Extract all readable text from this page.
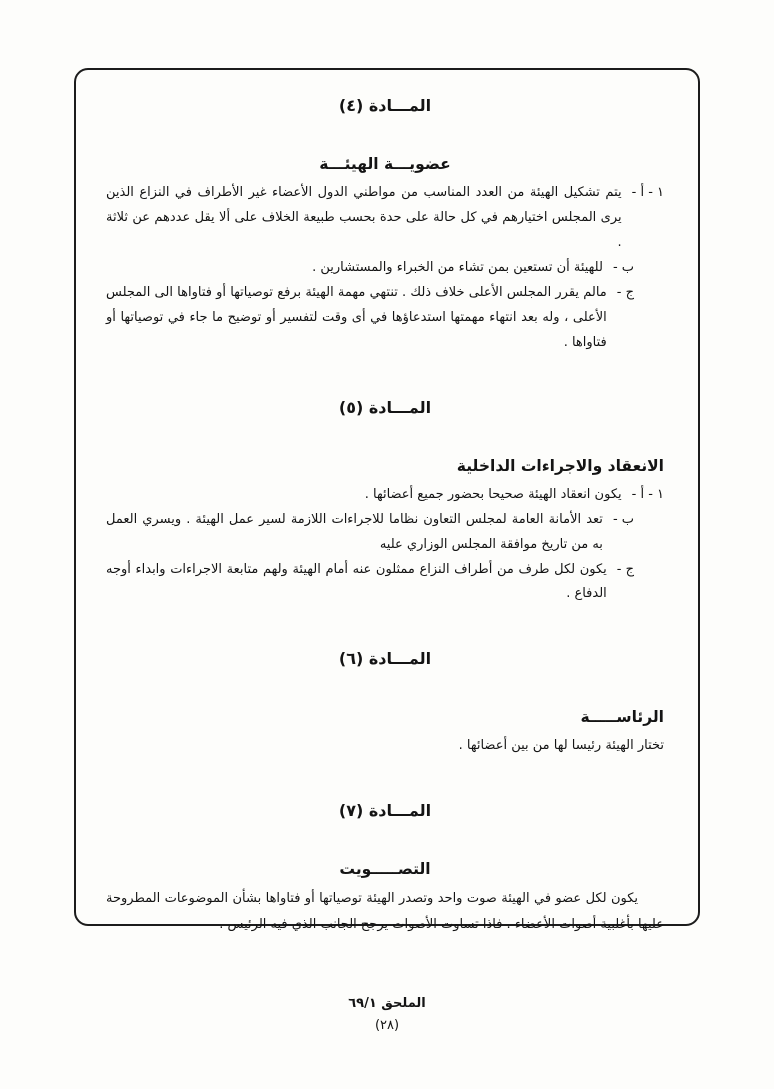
المـــادة (٤)
عضويـــة الهيئـــة
١ - أ -
يتم تشكيل الهيئة من العدد المناسب من مواطني الدول الأعضاء غير الأطراف في النزاع الذين يرى المجلس اختيارهم في كل حالة على حدة بحسب طبيعة الخلاف على ألا يقل عددهم عن ثلاثة .
ب -
للهيئة أن تستعين بمن تشاء من الخبراء والمستشارين .
ج -
مالم يقرر المجلس الأعلى خلاف ذلك . تنتهي مهمة الهيئة برفع توصياتها أو فتاواها الى المجلس الأعلى ، وله بعد انتهاء مهمتها استدعاؤها في أى وقت لتفسير أو توضيح ما جاء في توصياتها أو فتاواها .
المـــادة (٥)
الانعقاد والاجراءات الداخلية
١ - أ -
يكون انعقاد الهيئة صحيحا بحضور جميع أعضائها .
ب -
تعد الأمانة العامة لمجلس التعاون نظاما للاجراءات اللازمة لسير عمل الهيئة . ويسري العمل به من تاريخ موافقة المجلس الوزاري عليه
ج -
يكون لكل طرف من أطراف النزاع ممثلون عنه أمام الهيئة ولهم متابعة الاجراءات وابداء أوجه الدفاع .
المـــادة (٦)
الرئاســـــة
تختار الهيئة رئيسا لها من بين أعضائها .
المـــادة (٧)
التصـــــويت
يكون لكل عضو في الهيئة صوت واحد وتصدر الهيئة توصياتها أو فتاواها بشأن الموضوعات المطروحة عليها بأغلبية أصوات الأعضاء . فاذا تساوت الأصوات يرجح الجانب الذي فيه الرئيس .
الملحق ٦٩/١
(٢٨)
